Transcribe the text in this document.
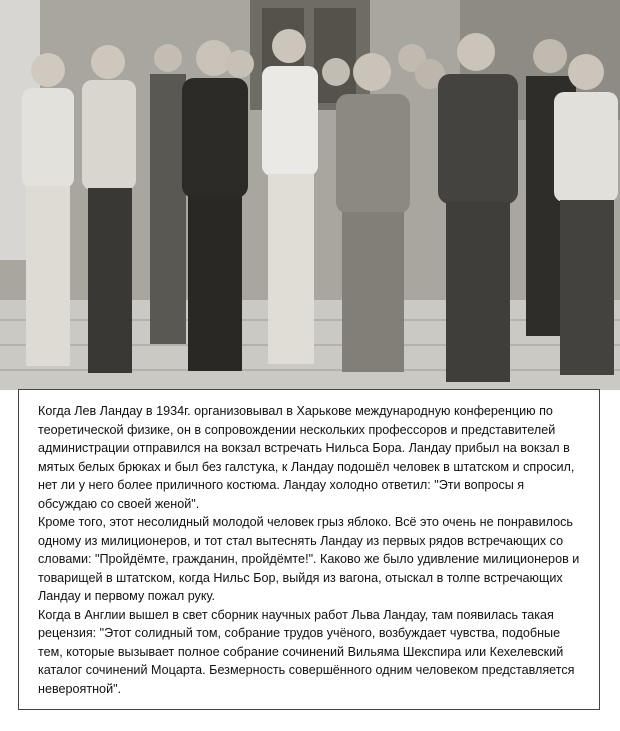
Когда Лев Ландау в 1934г. организовывал в Харькове международную конференцию по теоретической физике, он в сопровождении нескольких профессоров и представителей администрации отправился на вокзал встречать Нильса Бора. Ландау прибыл на вокзал в мятых белых брюках и был без галстука, к Ландау подошёл человек в штатском и спросил, нет ли у него более приличного костюма. Ландау холодно ответил: "Эти вопросы я обсуждаю со своей женой".

Кроме того, этот несолидный молодой человек грыз яблоко. Всё это очень не понравилось одному из милиционеров, и тот стал вытеснять Ландау из первых рядов встречающих со словами: "Пройдёмте, гражданин, пройдёмте!". Каково же было удивление милиционеров и товарищей в штатском, когда Нильс Бор, выйдя из вагона, отыскал в толпе встречающих Ландау и первому пожал руку.

Когда в Англии вышел в свет сборник научных работ Льва Ландау, там появилась такая рецензия: "Этот солидный том, собрание трудов учёного, возбуждает чувства, подобные тем, которые вызывает полное собрание сочинений Вильяма Шекспира или Кехелевский каталог сочинений Моцарта. Безмерность совершённого одним человеком представляется невероятной".
